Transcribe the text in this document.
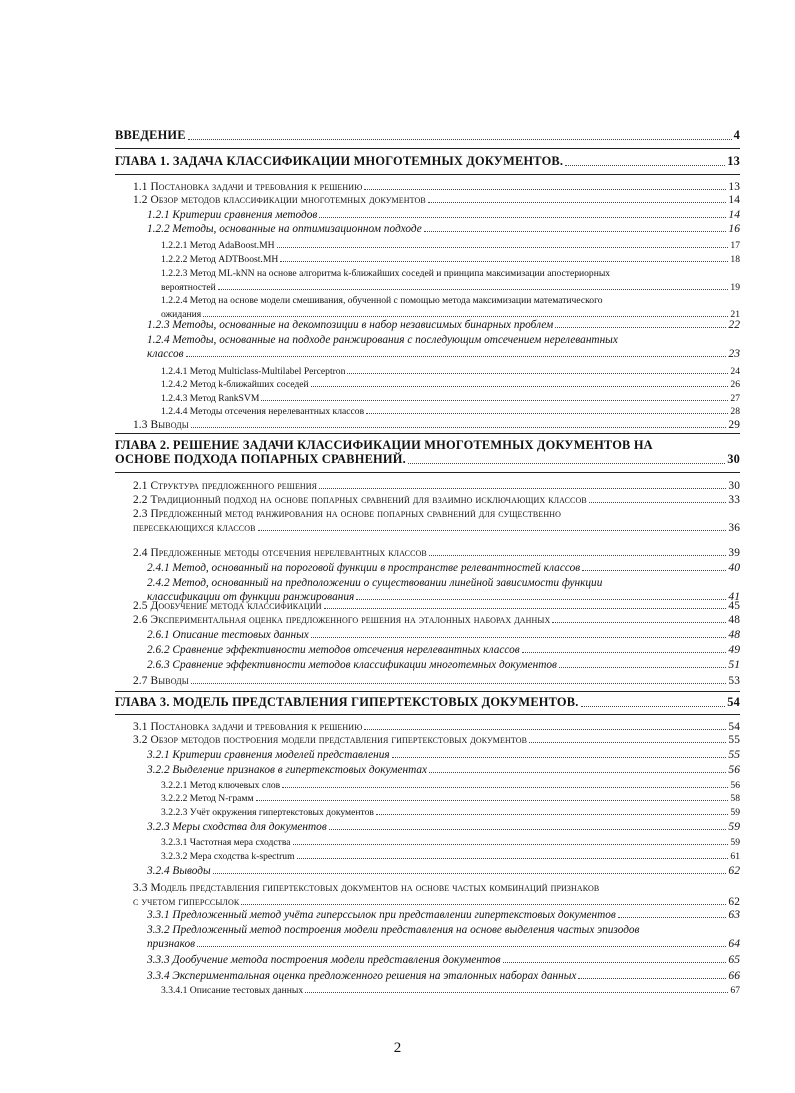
ВВЕДЕНИЕ	4
ГЛАВА 1. ЗАДАЧА КЛАССИФИКАЦИИ МНОГОТЕМНЫХ ДОКУМЕНТОВ.	13
1.1 Постановка задачи и требования к решению	13
1.2 Обзор методов классификации многотемных документов	14
1.2.1 Критерии сравнения методов	14
1.2.2 Методы, основанные на оптимизационном подходе	16
1.2.2.1 Метод AdaBoost.MH	17
1.2.2.2 Метод ADTBoost.MH	18
1.2.2.3 Метод ML-kNN на основе алгоритма k-ближайших соседей и принципа максимизации апостериорных
вероятностей	19
1.2.2.4 Метод на основе модели смешивания, обученной с помощью метода максимизации математического
ожидания	21
1.2.3 Методы, основанные на декомпозиции в набор независимых бинарных проблем	22
1.2.4 Методы, основанные на подходе ранжирования с последующим отсечением нерелевантных
классов	23
1.2.4.1 Метод Multiclass-Multilabel Perceptron	24
1.2.4.2 Метод k-ближайших соседей	26
1.2.4.3 Метод RankSVM	27
1.2.4.4 Методы отсечения нерелевантных классов	28
1.3 Выводы	29
ГЛАВА 2. РЕШЕНИЕ ЗАДАЧИ КЛАССИФИКАЦИИ МНОГОТЕМНЫХ ДОКУМЕНТОВ НА
ОСНОВЕ ПОДХОДА ПОПАРНЫХ СРАВНЕНИЙ.	30
2.1 Структура предложенного решения	30
2.2 Традиционный подход на основе попарных сравнений для взаимно исключающих классов	33
2.3 Предложенный метод ранжирования на основе попарных сравнений для существенно
пересекающихся классов	36
2.4 Предложенные методы отсечения нерелевантных классов	39
2.4.1 Метод, основанный на пороговой функции в пространстве релевантностей классов	40
2.4.2 Метод, основанный на предположении о существовании линейной зависимости функции
классификации от функции ранжирования	41
2.5 Дообучение метода классификации	45
2.6 Экспериментальная оценка предложенного решения на эталонных наборах данных	48
2.6.1 Описание тестовых данных	48
2.6.2 Сравнение эффективности методов отсечения нерелевантных классов	49
2.6.3 Сравнение эффективности методов классификации многотемных документов	51
2.7 Выводы	53
ГЛАВА 3. МОДЕЛЬ ПРЕДСТАВЛЕНИЯ ГИПЕРТЕКСТОВЫХ ДОКУМЕНТОВ.	54
3.1 Постановка задачи и требования к решению	54
3.2 Обзор методов построения модели представления гипертекстовых документов	55
3.2.1 Критерии сравнения моделей представления	55
3.2.2 Выделение признаков в гипертекстовых документах	56
3.2.2.1 Метод ключевых слов	56
3.2.2.2 Метод N-грамм	58
3.2.2.3 Учёт окружения гипертекстовых документов	59
3.2.3 Меры сходства для документов	59
3.2.3.1 Частотная мера сходства	59
3.2.3.2 Мера сходства k-spectrum	61
3.2.4 Выводы	62
3.3 Модель представления гипертекстовых документов на основе частых комбинаций признаков
с учетом гиперссылок	62
3.3.1 Предложенный метод учёта гиперссылок при представлении гипертекстовых документов	63
3.3.2 Предложенный метод построения модели представления на основе выделения частых эпизодов
признаков	64
3.3.3 Дообучение метода построения модели представления документов	65
3.3.4 Экспериментальная оценка предложенного решения на эталонных наборах данных	66
3.3.4.1 Описание тестовых данных	67
2
